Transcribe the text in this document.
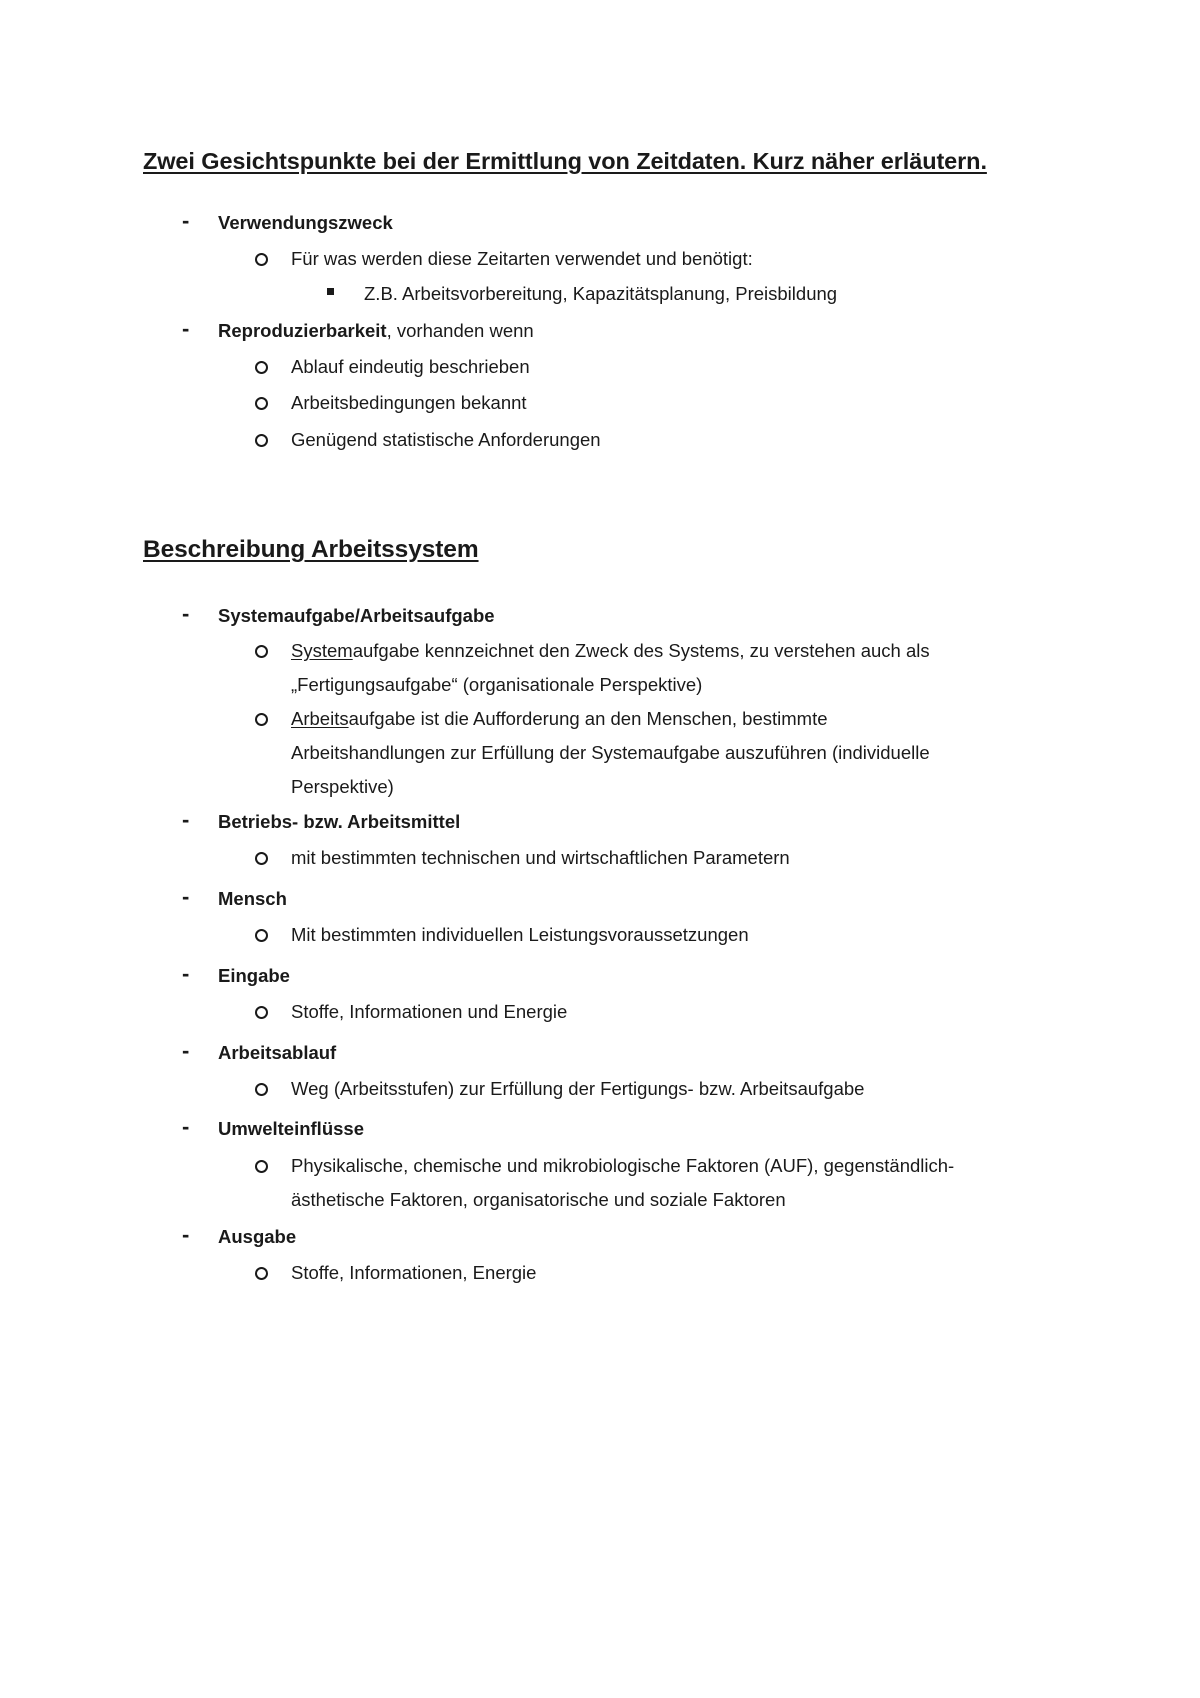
Zwei Gesichtspunkte bei der Ermittlung von Zeitdaten. Kurz näher erläutern.
- Verwendungszweck
Für was werden diese Zeitarten verwendet und benötigt:
Z.B. Arbeitsvorbereitung, Kapazitätsplanung, Preisbildung
- Reproduzierbarkeit, vorhanden wenn
Ablauf eindeutig beschrieben
Arbeitsbedingungen bekannt
Genügend statistische Anforderungen
Beschreibung Arbeitssystem
- Systemaufgabe/Arbeitsaufgabe
Systemaufgabe kennzeichnet den Zweck des Systems, zu verstehen auch als
„Fertigungsaufgabe“ (organisationale Perspektive)
Arbeitsaufgabe ist die Aufforderung an den Menschen, bestimmte
Arbeitshandlungen zur Erfüllung der Systemaufgabe auszuführen (individuelle
Perspektive)
- Betriebs- bzw. Arbeitsmittel
mit bestimmten technischen und wirtschaftlichen Parametern
- Mensch
Mit bestimmten individuellen Leistungsvoraussetzungen
- Eingabe
Stoffe, Informationen und Energie
- Arbeitsablauf
Weg (Arbeitsstufen) zur Erfüllung der Fertigungs- bzw. Arbeitsaufgabe
- Umwelteinflüsse
Physikalische, chemische und mikrobiologische Faktoren (AUF), gegenständlich-
ästhetische Faktoren, organisatorische und soziale Faktoren
- Ausgabe
Stoffe, Informationen, Energie
